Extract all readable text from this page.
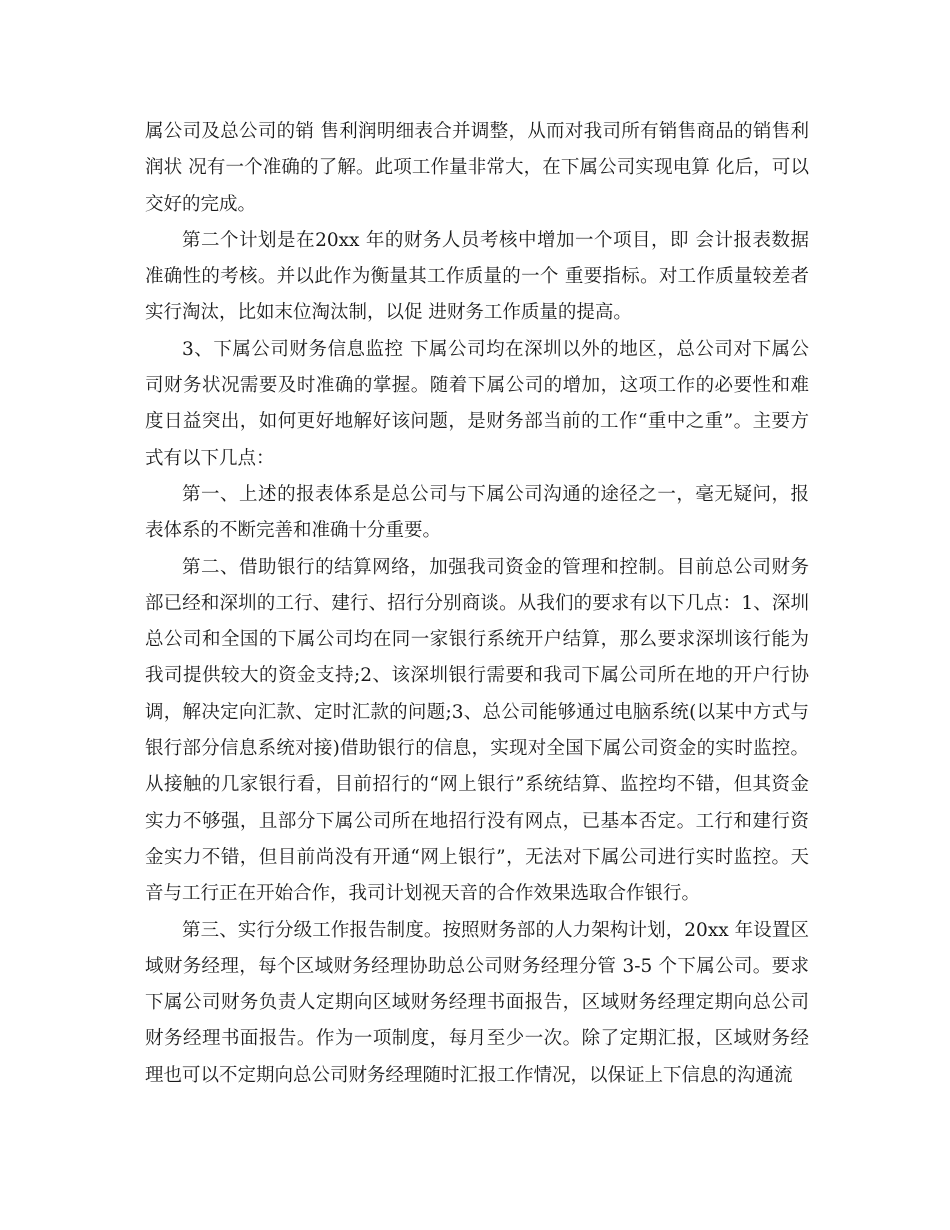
属公司及总公司的销 售利润明细表合并调整，从而对我司所有销售商品的销售利润状 况有一个准确的了解。此项工作量非常大，在下属公司实现电算 化后，可以交好的完成。

第二个计划是在20xx 年的财务人员考核中增加一个项目，即 会计报表数据准确性的考核。并以此作为衡量其工作质量的一个 重要指标。对工作质量较差者实行淘汰，比如末位淘汰制，以促 进财务工作质量的提高。

3、下属公司财务信息监控 下属公司均在深圳以外的地区，总公司对下属公司财务状况需要及时准确的掌握。随着下属公司的增加，这项工作的必要性和难度日益突出，如何更好地解好该问题，是财务部当前的工作“重中之重”。主要方式有以下几点：

第一、上述的报表体系是总公司与下属公司沟通的途径之一，毫无疑问，报表体系的不断完善和准确十分重要。

第二、借助银行的结算网络，加强我司资金的管理和控制。目前总公司财务部已经和深圳的工行、建行、招行分别商谈。从我们的要求有以下几点：1、深圳总公司和全国的下属公司均在同一家银行系统开户结算，那么要求深圳该行能为我司提供较大的资金支持;2、该深圳银行需要和我司下属公司所在地的开户行协调，解决定向汇款、定时汇款的问题;3、总公司能够通过电脑系统(以某中方式与银行部分信息系统对接)借助银行的信息，实现对全国下属公司资金的实时监控。从接触的几家银行看，目前招行的“网上银行”系统结算、监控均不错，但其资金实力不够强，且部分下属公司所在地招行没有网点，已基本否定。工行和建行资金实力不错，但目前尚没有开通“网上银行”，无法对下属公司进行实时监控。天音与工行正在开始合作，我司计划视天音的合作效果选取合作银行。

第三、实行分级工作报告制度。按照财务部的人力架构计划，20xx 年设置区域财务经理，每个区域财务经理协助总公司财务经理分管 3-5 个下属公司。要求下属公司财务负责人定期向区域财务经理书面报告，区域财务经理定期向总公司财务经理书面报告。作为一项制度，每月至少一次。除了定期汇报，区域财务经理也可以不定期向总公司财务经理随时汇报工作情况，以保证上下信息的沟通流
